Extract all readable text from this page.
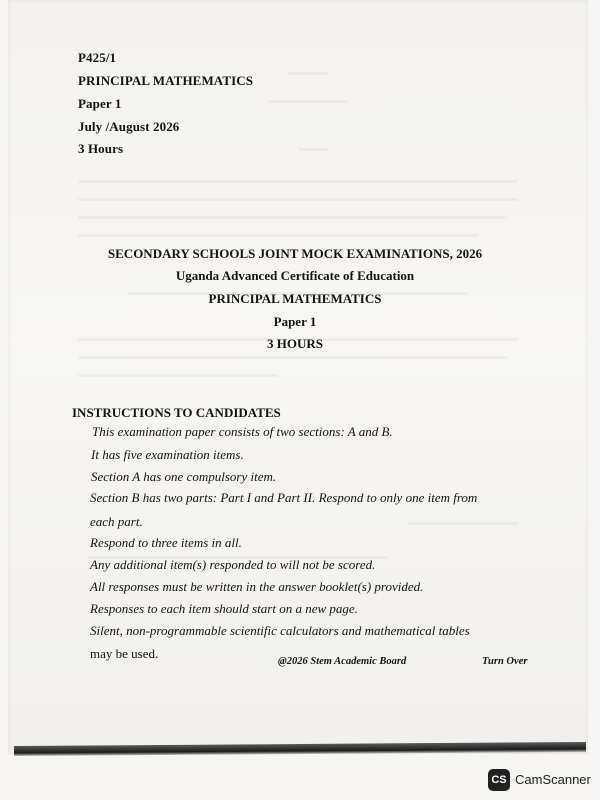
P425/1
PRINCIPAL MATHEMATICS
Paper 1
July /August 2026
3 Hours
SECONDARY SCHOOLS JOINT MOCK EXAMINATIONS, 2026
Uganda Advanced Certificate of Education
PRINCIPAL MATHEMATICS
Paper 1
3 HOURS
INSTRUCTIONS TO CANDIDATES
This examination paper consists of two sections: A and B.
It has five examination items.
Section A has one compulsory item.
Section B has two parts: Part I and Part II. Respond to only one item from
each part.
Respond to three items in all.
Any additional item(s) responded to will not be scored.
All responses must be written in the answer booklet(s) provided.
Responses to each item should start on a new page.
Silent, non-programmable scientific calculators and mathematical tables
may be used.
@2026 Stem Academic Board	Turn Over
CS CamScanner
